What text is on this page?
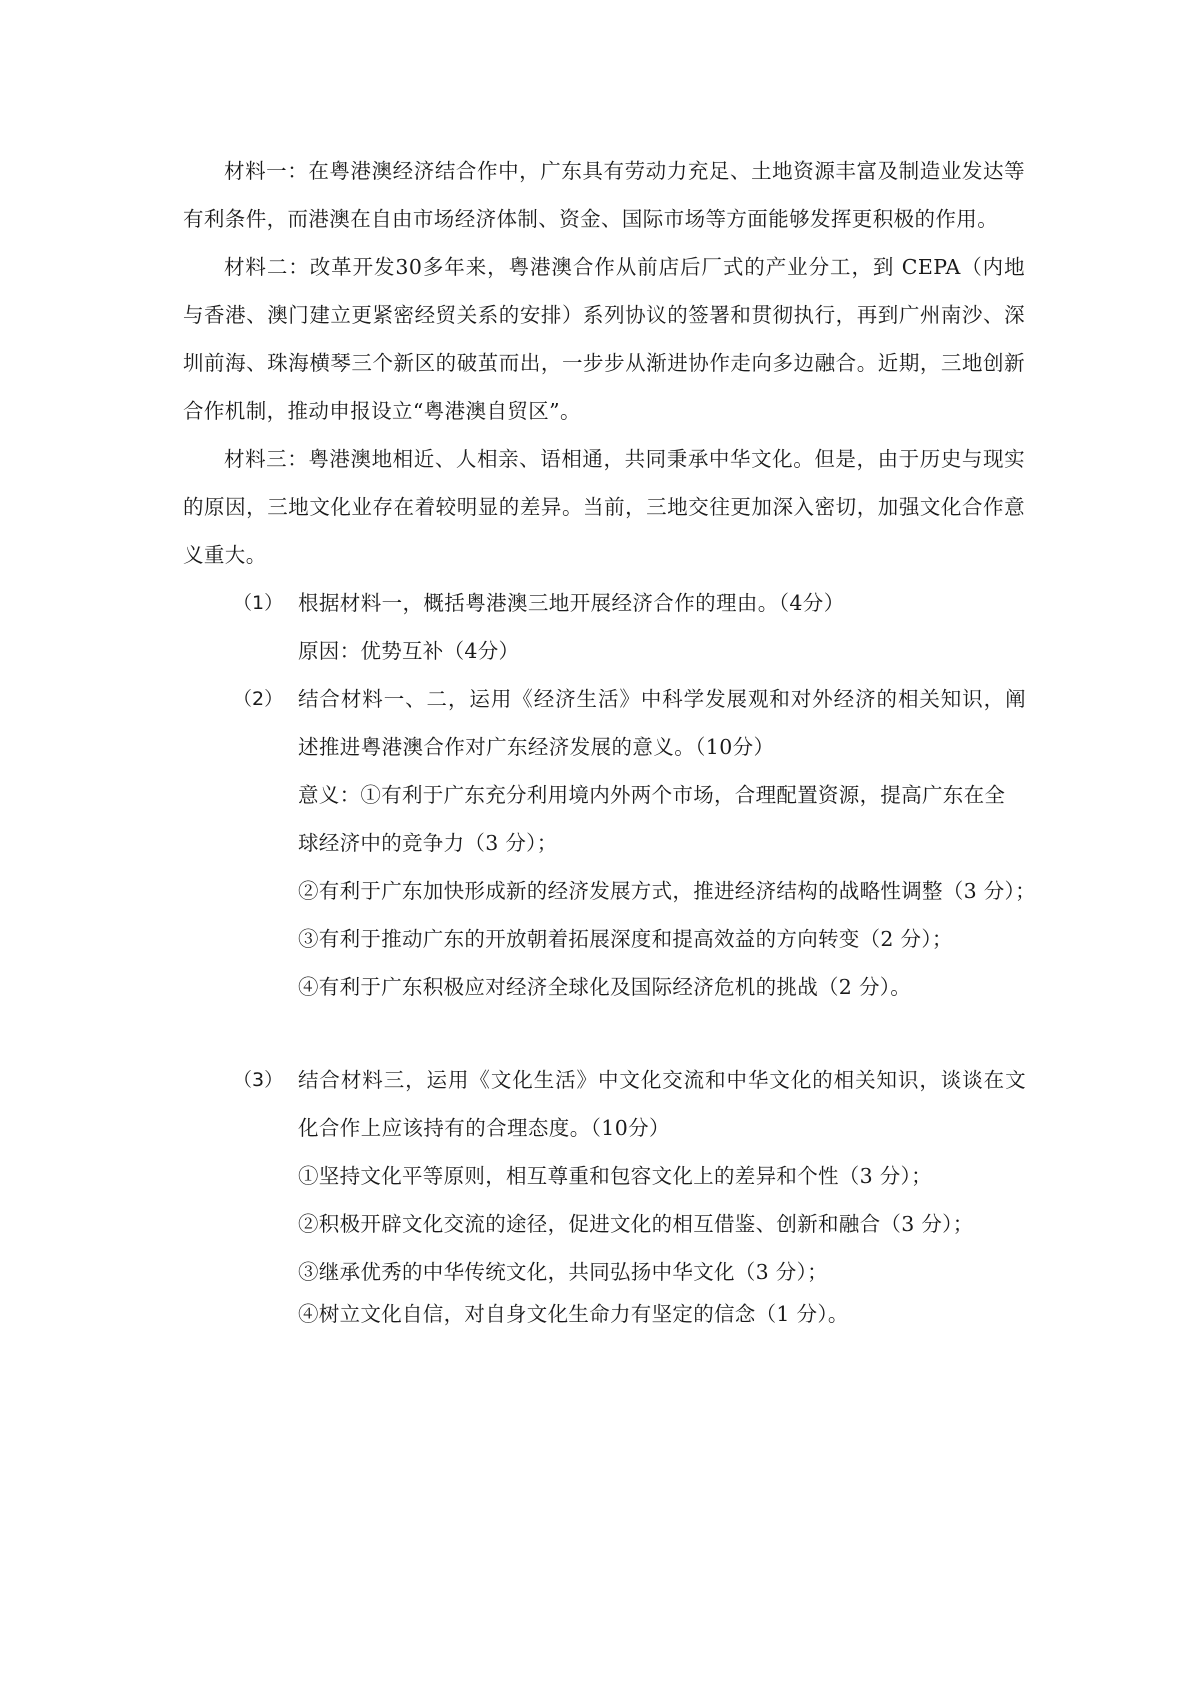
材料一：在粤港澳经济结合作中，广东具有劳动力充足、土地资源丰富及制造业发达等有利条件，而港澳在自由市场经济体制、资金、国际市场等方面能够发挥更积极的作用。
材料二：改革开发30多年来，粤港澳合作从前店后厂式的产业分工，到 CEPA（内地与香港、澳门建立更紧密经贸关系的安排）系列协议的签署和贯彻执行，再到广州南沙、深圳前海、珠海横琴三个新区的破茧而出，一步步从渐进协作走向多边融合。近期，三地创新合作机制，推动申报设立“粤港澳自贸区”。
材料三：粤港澳地相近、人相亲、语相通，共同秉承中华文化。但是，由于历史与现实的原因，三地文化业存在着较明显的差异。当前，三地交往更加深入密切，加强文化合作意义重大。
（1） 根据材料一，概括粤港澳三地开展经济合作的理由。（4分）
原因：优势互补（4分）
（2） 结合材料一、二，运用《经济生活》中科学发展观和对外经济的相关知识，阐述推进粤港澳合作对广东经济发展的意义。（10分）
意义：①有利于广东充分利用境内外两个市场，合理配置资源，提高广东在全
球经济中的竞争力（3 分）；
②有利于广东加快形成新的经济发展方式，推进经济结构的战略性调整（3 分）；
③有利于推动广东的开放朝着拓展深度和提高效益的方向转变（2 分）；
④有利于广东积极应对经济全球化及国际经济危机的挑战（2 分）。
（3） 结合材料三，运用《文化生活》中文化交流和中华文化的相关知识，谈谈在文化合作上应该持有的合理态度。（10分）
①坚持文化平等原则，相互尊重和包容文化上的差异和个性（3 分）；
②积极开辟文化交流的途径，促进文化的相互借鉴、创新和融合（3 分）；
③继承优秀的中华传统文化，共同弘扬中华文化（3 分）；
④树立文化自信，对自身文化生命力有坚定的信念（1 分）。
